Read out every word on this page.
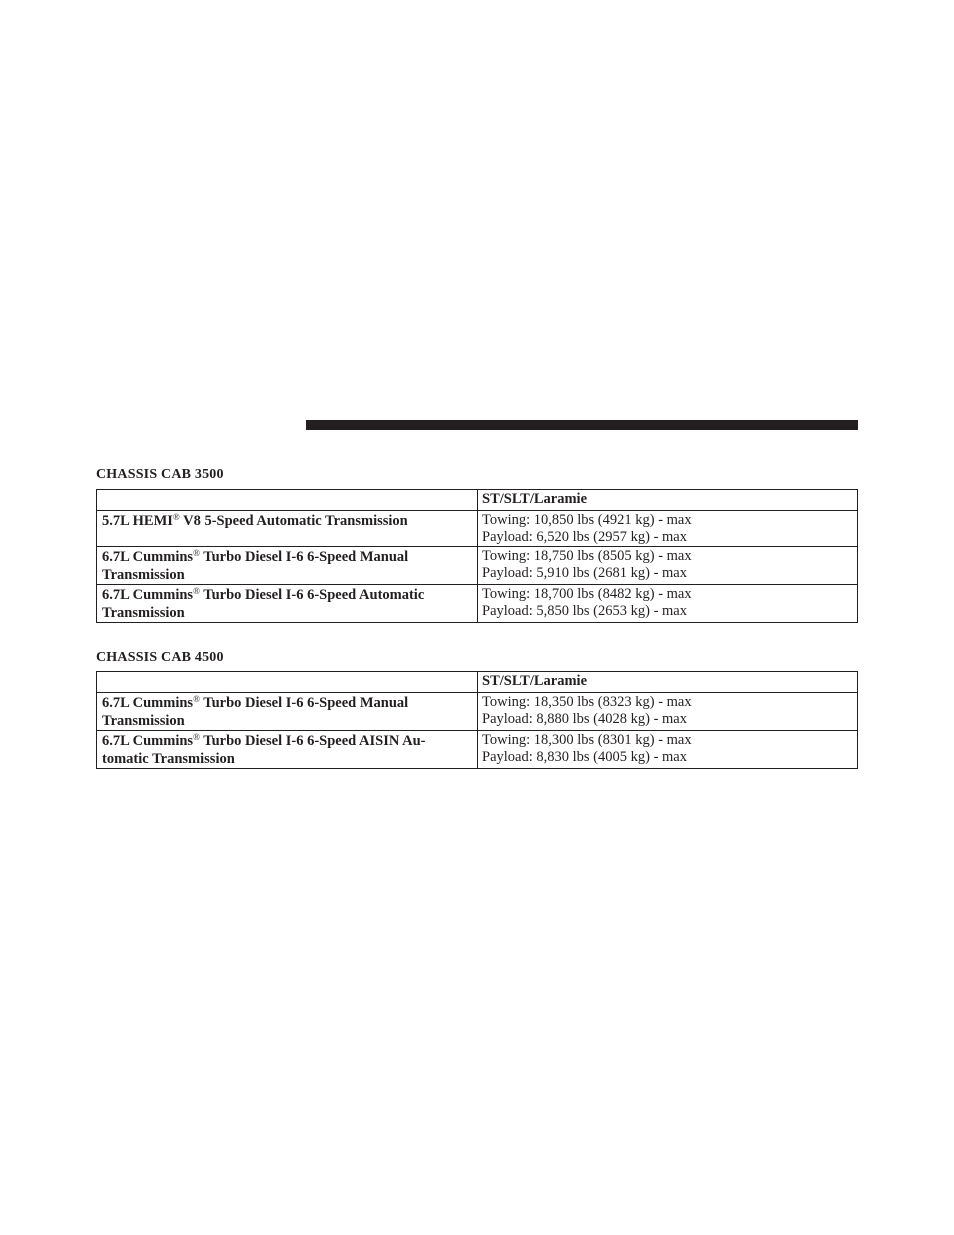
CHASSIS CAB 3500
	ST/SLT/Laramie

5.7L HEMI® V8 5-Speed Automatic Transmission	Towing: 10,850 lbs (4921 kg) - max
Payload: 6,520 lbs (2957 kg) - max

6.7L Cummins® Turbo Diesel I-6 6-Speed Manual
Transmission	Towing: 18,750 lbs (8505 kg) - max
Payload: 5,910 lbs (2681 kg) - max

6.7L Cummins® Turbo Diesel I-6 6-Speed Automatic
Transmission	Towing: 18,700 lbs (8482 kg) - max
Payload: 5,850 lbs (2653 kg) - max
CHASSIS CAB 4500
	ST/SLT/Laramie

6.7L Cummins® Turbo Diesel I-6 6-Speed Manual
Transmission	Towing: 18,350 lbs (8323 kg) - max
Payload: 8,880 lbs (4028 kg) - max

6.7L Cummins® Turbo Diesel I-6 6-Speed AISIN Au-
tomatic Transmission	Towing: 18,300 lbs (8301 kg) - max
Payload: 8,830 lbs (4005 kg) - max
